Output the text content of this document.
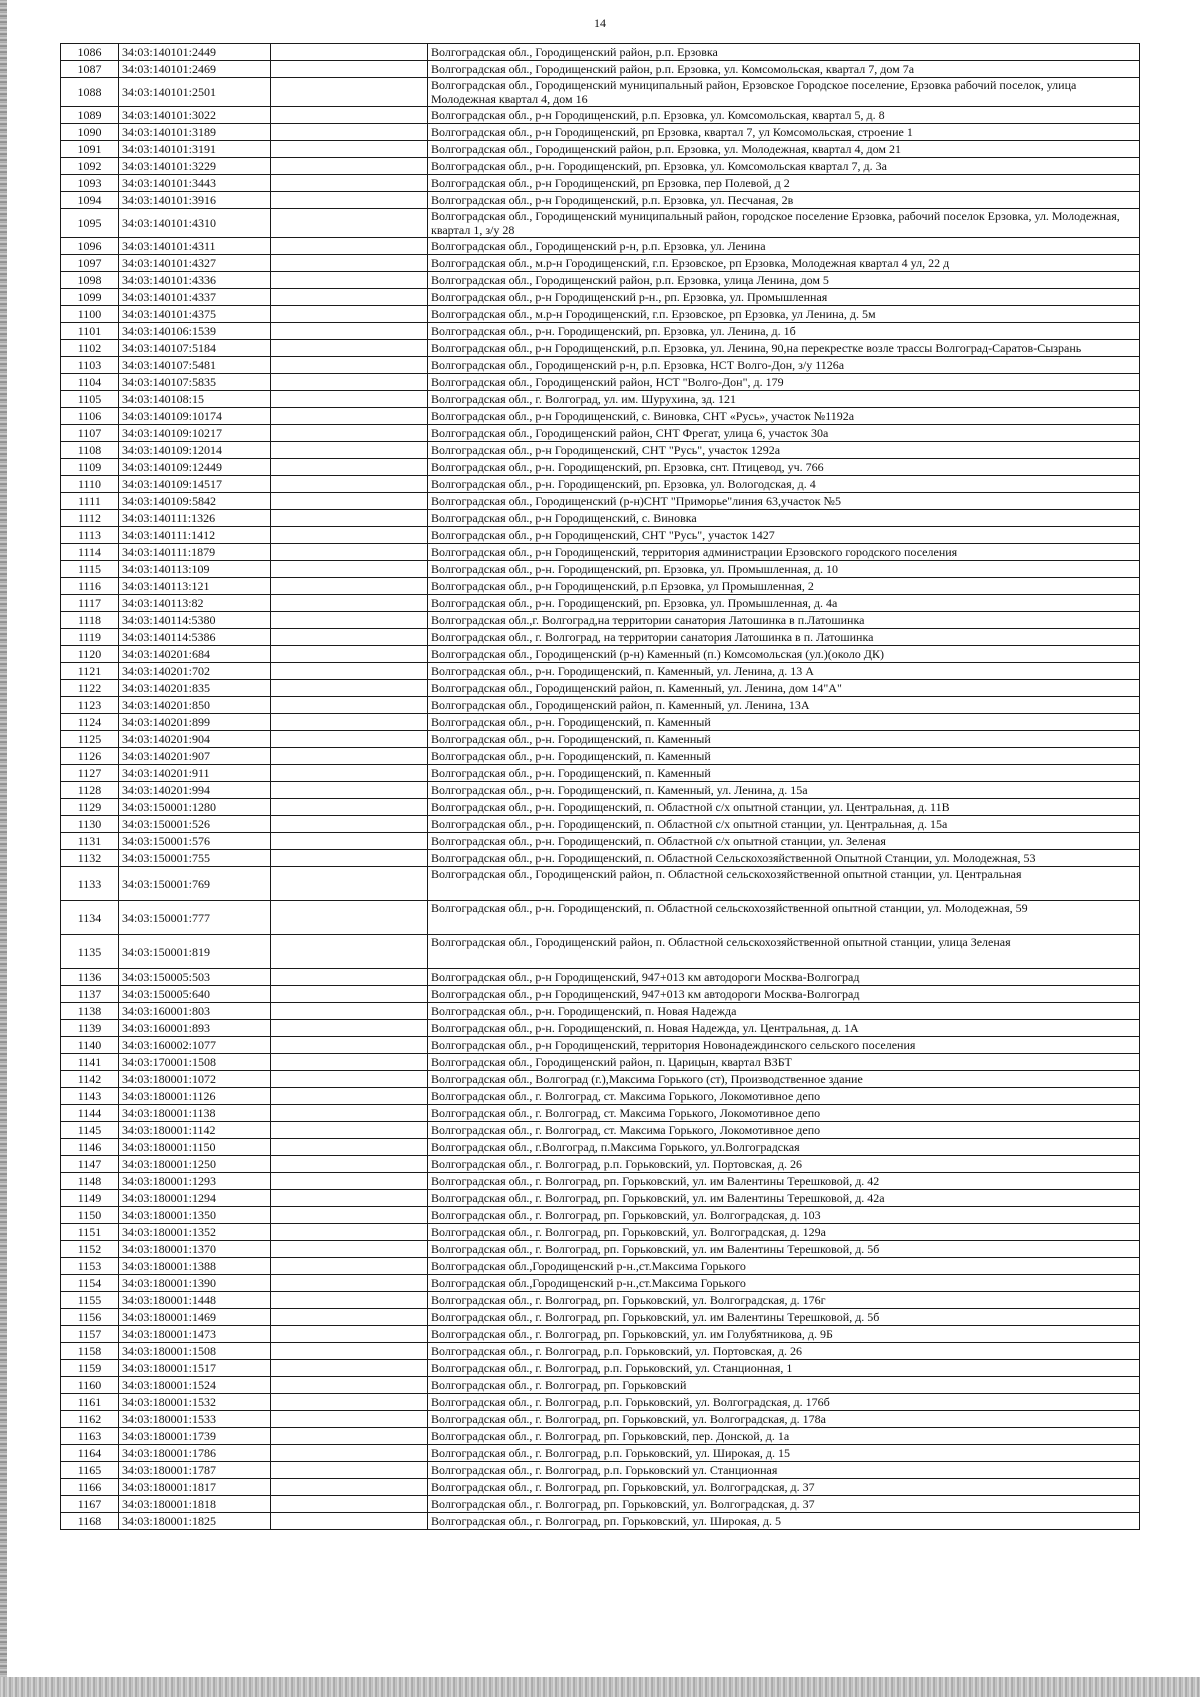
14
1086	34:03:140101:2449		Волгоградская обл., Городищенский район, р.п. Ерзовка
1087	34:03:140101:2469		Волгоградская обл., Городищенский район, р.п. Ерзовка, ул. Комсомольская, квартал 7, дом 7а
1088	34:03:140101:2501		Волгоградская обл., Городищенский муниципальный район, Ерзовское Городское поселение, Ерзовка рабочий поселок, улица Молодежная квартал 4, дом 16
1089	34:03:140101:3022		Волгоградская обл., р-н Городищенский, р.п. Ерзовка, ул. Комсомольская, квартал 5, д. 8
1090	34:03:140101:3189		Волгоградская обл., р-н Городищенский, рп Ерзовка, квартал 7, ул Комсомольская, строение 1
1091	34:03:140101:3191		Волгоградская обл., Городищенский район, р.п. Ерзовка, ул. Молодежная, квартал 4, дом 21
1092	34:03:140101:3229		Волгоградская обл., р-н. Городищенский, рп. Ерзовка, ул. Комсомольская квартал 7, д. 3а
1093	34:03:140101:3443		Волгоградская обл., р-н Городищенский, рп Ерзовка, пер Полевой, д 2
1094	34:03:140101:3916		Волгоградская обл., р-н Городищенский, р.п. Ерзовка, ул. Песчаная, 2в
1095	34:03:140101:4310		Волгоградская обл., Городищенский муниципальный район, городское поселение Ерзовка, рабочий поселок Ерзовка, ул. Молодежная, квартал 1, з/у 28
1096	34:03:140101:4311		Волгоградская обл., Городищенский р-н, р.п. Ерзовка, ул. Ленина
1097	34:03:140101:4327		Волгоградская обл., м.р-н Городищенский, г.п. Ерзовское, рп Ерзовка, Молодежная квартал 4 ул, 22 д
1098	34:03:140101:4336		Волгоградская обл., Городищенский район, р.п. Ерзовка, улица Ленина, дом 5
1099	34:03:140101:4337		Волгоградская обл., р-н Городищенский р-н., рп. Ерзовка, ул. Промышленная
1100	34:03:140101:4375		Волгоградская обл., м.р-н Городищенский, г.п. Ерзовское, рп Ерзовка, ул Ленина, д. 5м
1101	34:03:140106:1539		Волгоградская обл., р-н. Городищенский, рп. Ерзовка, ул. Ленина, д. 1б
1102	34:03:140107:5184		Волгоградская обл., р-н Городищенский, р.п. Ерзовка, ул. Ленина, 90,на перекрестке возле трассы Волгоград-Саратов-Сызрань
1103	34:03:140107:5481		Волгоградская обл., Городищенский р-н, р.п. Ерзовка, НСТ Волго-Дон, з/у 1126а
1104	34:03:140107:5835		Волгоградская обл., Городищенский район, НСТ "Волго-Дон", д. 179
1105	34:03:140108:15		Волгоградская обл., г. Волгоград, ул. им. Шурухина, зд. 121
1106	34:03:140109:10174		Волгоградская обл., р-н Городищенский, с. Виновка, СНТ «Русь», участок №1192а
1107	34:03:140109:10217		Волгоградская обл., Городищенский район, СНТ Фрегат, улица 6, участок 30а
1108	34:03:140109:12014		Волгоградская обл., р-н Городищенский, СНТ "Русь", участок 1292а
1109	34:03:140109:12449		Волгоградская обл., р-н. Городищенский, рп. Ерзовка, снт. Птицевод, уч. 766
1110	34:03:140109:14517		Волгоградская обл., р-н. Городищенский, рп. Ерзовка, ул. Вологодская, д. 4
1111	34:03:140109:5842		Волгоградская обл., Городищенский (р-н)СНТ "Приморье"линия 63,участок №5
1112	34:03:140111:1326		Волгоградская обл., р-н Городищенский, с. Виновка
1113	34:03:140111:1412		Волгоградская обл., р-н Городищенский, СНТ "Русь", участок 1427
1114	34:03:140111:1879		Волгоградская обл., р-н Городищенский, территория администрации Ерзовского городского поселения
1115	34:03:140113:109		Волгоградская обл., р-н. Городищенский, рп. Ерзовка, ул. Промышленная, д. 10
1116	34:03:140113:121		Волгоградская обл., р-н Городищенский, р.п Ерзовка, ул Промышленная, 2
1117	34:03:140113:82		Волгоградская обл., р-н. Городищенский, рп. Ерзовка, ул. Промышленная, д. 4а
1118	34:03:140114:5380		Волгоградская обл.,г. Волгоград,на территории санатория Латошинка в п.Латошинка
1119	34:03:140114:5386		Волгоградская обл., г. Волгоград, на территории санатория Латошинка в п. Латошинка
1120	34:03:140201:684		Волгоградская обл., Городищенский (р-н) Каменный (п.) Комсомольская (ул.)(около ДК)
1121	34:03:140201:702		Волгоградская обл., р-н. Городищенский, п. Каменный, ул. Ленина, д. 13 А
1122	34:03:140201:835		Волгоградская обл., Городищенский район, п. Каменный, ул. Ленина, дом 14"А"
1123	34:03:140201:850		Волгоградская обл., Городищенский район, п. Каменный, ул. Ленина, 13А
1124	34:03:140201:899		Волгоградская обл., р-н. Городищенский, п. Каменный
1125	34:03:140201:904		Волгоградская обл., р-н. Городищенский, п. Каменный
1126	34:03:140201:907		Волгоградская обл., р-н. Городищенский, п. Каменный
1127	34:03:140201:911		Волгоградская обл., р-н. Городищенский, п. Каменный
1128	34:03:140201:994		Волгоградская обл., р-н. Городищенский, п. Каменный, ул. Ленина, д. 15а
1129	34:03:150001:1280		Волгоградская обл., р-н. Городищенский, п. Областной с/х опытной станции, ул. Центральная, д. 11В
1130	34:03:150001:526		Волгоградская обл., р-н. Городищенский, п. Областной с/х опытной станции, ул. Центральная, д. 15а
1131	34:03:150001:576		Волгоградская обл., р-н. Городищенский, п. Областной с/х опытной станции, ул. Зеленая
1132	34:03:150001:755		Волгоградская обл., р-н. Городищенский, п. Областной Сельскохозяйственной Опытной Станции, ул. Молодежная, 53
1133	34:03:150001:769		Волгоградская обл., Городищенский район, п. Областной сельскохозяйственной опытной станции, ул. Центральная
1134	34:03:150001:777		Волгоградская обл., р-н. Городищенский, п. Областной сельскохозяйственной опытной станции, ул. Молодежная, 59
1135	34:03:150001:819		Волгоградская обл., Городищенский район, п. Областной сельскохозяйственной опытной станции, улица Зеленая
1136	34:03:150005:503		Волгоградская обл., р-н Городищенский, 947+013 км автодороги Москва-Волгоград
1137	34:03:150005:640		Волгоградская обл., р-н Городищенский, 947+013 км автодороги Москва-Волгоград
1138	34:03:160001:803		Волгоградская обл., р-н. Городищенский, п. Новая Надежда
1139	34:03:160001:893		Волгоградская обл., р-н. Городищенский, п. Новая Надежда, ул. Центральная, д. 1А
1140	34:03:160002:1077		Волгоградская обл., р-н Городищенский, территория Новонадеждинского сельского поселения
1141	34:03:170001:1508		Волгоградская обл., Городищенский район, п. Царицын, квартал ВЗБТ
1142	34:03:180001:1072		Волгоградская обл., Волгоград (г.),Максима Горького (ст), Производственное здание
1143	34:03:180001:1126		Волгоградская обл., г. Волгоград, ст. Максима Горького, Локомотивное депо
1144	34:03:180001:1138		Волгоградская обл., г. Волгоград, ст. Максима Горького, Локомотивное депо
1145	34:03:180001:1142		Волгоградская обл., г. Волгоград, ст. Максима Горького, Локомотивное депо
1146	34:03:180001:1150		Волгоградская обл., г.Волгоград, п.Максима Горького, ул.Волгоградская
1147	34:03:180001:1250		Волгоградская обл., г. Волгоград, р.п. Горьковский, ул. Портовская, д. 26
1148	34:03:180001:1293		Волгоградская обл., г. Волгоград, рп. Горьковский, ул. им Валентины Терешковой, д. 42
1149	34:03:180001:1294		Волгоградская обл., г. Волгоград, рп. Горьковский, ул. им Валентины Терешковой, д. 42а
1150	34:03:180001:1350		Волгоградская обл., г. Волгоград, рп. Горьковский, ул. Волгоградская, д. 103
1151	34:03:180001:1352		Волгоградская обл., г. Волгоград, рп. Горьковский, ул. Волгоградская, д. 129а
1152	34:03:180001:1370		Волгоградская обл., г. Волгоград, рп. Горьковский, ул. им Валентины Терешковой, д. 5б
1153	34:03:180001:1388		Волгоградская обл.,Городищенский р-н.,ст.Максима Горького
1154	34:03:180001:1390		Волгоградская обл.,Городищенский р-н.,ст.Максима Горького
1155	34:03:180001:1448		Волгоградская обл., г. Волгоград, рп. Горьковский, ул. Волгоградская, д. 176г
1156	34:03:180001:1469		Волгоградская обл., г. Волгоград, рп. Горьковский, ул. им Валентины Терешковой, д. 5б
1157	34:03:180001:1473		Волгоградская обл., г. Волгоград, рп. Горьковский, ул. им Голубятникова, д. 9Б
1158	34:03:180001:1508		Волгоградская обл., г. Волгоград, р.п. Горьковский, ул. Портовская, д. 26
1159	34:03:180001:1517		Волгоградская обл., г. Волгоград, р.п. Горьковский, ул. Станционная, 1
1160	34:03:180001:1524		Волгоградская обл., г. Волгоград, рп. Горьковский
1161	34:03:180001:1532		Волгоградская обл., г. Волгоград, р.п. Горьковский, ул. Волгоградская, д. 176б
1162	34:03:180001:1533		Волгоградская обл., г. Волгоград, рп. Горьковский, ул. Волгоградская, д. 178а
1163	34:03:180001:1739		Волгоградская обл., г. Волгоград, рп. Горьковский, пер. Донской, д. 1а
1164	34:03:180001:1786		Волгоградская обл., г. Волгоград, р.п. Горьковский, ул. Широкая, д. 15
1165	34:03:180001:1787		Волгоградская обл., г. Волгоград, р.п. Горьковский ул. Станционная
1166	34:03:180001:1817		Волгоградская обл., г. Волгоград, рп. Горьковский, ул. Волгоградская, д. 37
1167	34:03:180001:1818		Волгоградская обл., г. Волгоград, рп. Горьковский, ул. Волгоградская, д. 37
1168	34:03:180001:1825		Волгоградская обл., г. Волгоград, рп. Горьковский, ул. Широкая, д. 5
